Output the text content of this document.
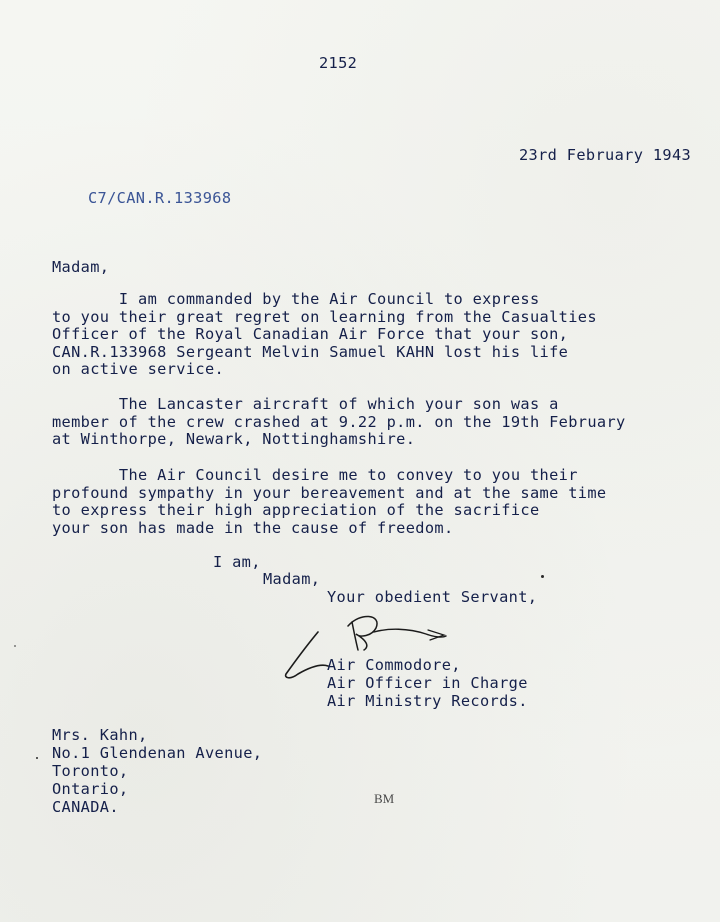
2152
23rd February 1943
C7/CAN.R.133968
Madam,
I am commanded by the Air Council to express
to you their great regret on learning from the Casualties
Officer of the Royal Canadian Air Force that your son,
CAN.R.133968 Sergeant Melvin Samuel KAHN lost his life
on active service.
The Lancaster aircraft of which your son was a
member of the crew crashed at 9.22 p.m. on the 19th February
at Winthorpe, Newark, Nottinghamshire.
The Air Council desire me to convey to you their
profound sympathy in your bereavement and at the same time
to express their high appreciation of the sacrifice
your son has made in the cause of freedom.
I am,
Madam,
Your obedient Servant,
Air Commodore,
Air Officer in Charge
Air Ministry Records.
Mrs. Kahn,
No.1 Glendenan Avenue,
Toronto,
Ontario,
CANADA.	BM
